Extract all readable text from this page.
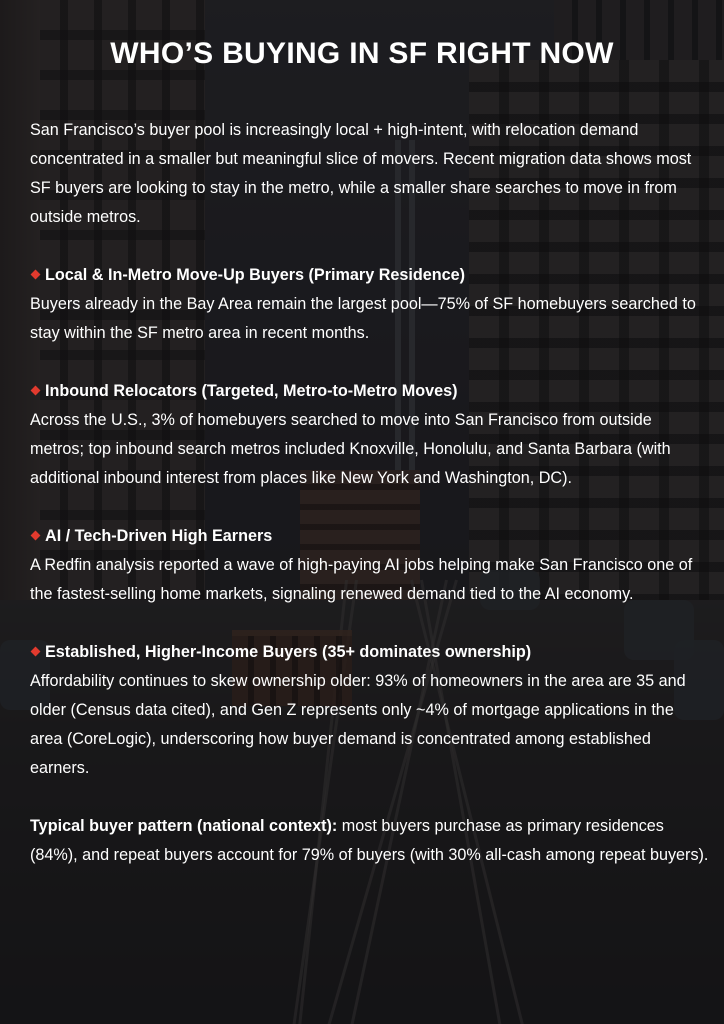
WHO’S BUYING IN SF RIGHT NOW

San Francisco’s buyer pool is increasingly local + high-intent, with relocation demand concentrated in a smaller but meaningful slice of movers. Recent migration data shows most SF buyers are looking to stay in the metro, while a smaller share searches to move in from outside metros.

Local & In-Metro Move-Up Buyers (Primary Residence)
Buyers already in the Bay Area remain the largest pool—75% of SF homebuyers searched to stay within the SF metro area in recent months.
Inbound Relocators (Targeted, Metro-to-Metro Moves)
Across the U.S., 3% of homebuyers searched to move into San Francisco from outside metros; top inbound search metros included Knoxville, Honolulu, and Santa Barbara (with additional inbound interest from places like New York and Washington, DC).
AI / Tech-Driven High Earners
A Redfin analysis reported a wave of high-paying AI jobs helping make San Francisco one of the fastest-selling home markets, signaling renewed demand tied to the AI economy.
Established, Higher-Income Buyers (35+ dominates ownership)
Affordability continues to skew ownership older: 93% of homeowners in the area are 35 and older (Census data cited), and Gen Z represents only ~4% of mortgage applications in the area (CoreLogic), underscoring how buyer demand is concentrated among established earners.
Typical buyer pattern (national context): most buyers purchase as primary residences (84%), and repeat buyers account for 79% of buyers (with 30% all-cash among repeat buyers).
